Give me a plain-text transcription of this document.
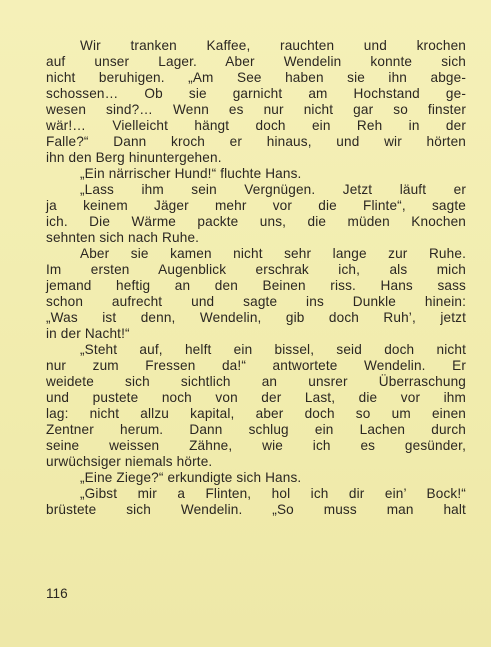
Wir tranken Kaffee, rauchten und krochen
auf unser Lager. Aber Wendelin konnte sich
nicht beruhigen. „Am See haben sie ihn abge-
schossen… Ob sie garnicht am Hochstand ge-
wesen sind?… Wenn es nur nicht gar so finster
wär!… Vielleicht hängt doch ein Reh in der
Falle?“ Dann kroch er hinaus, und wir hörten
ihn den Berg hinuntergehen.
„Ein närrischer Hund!“ fluchte Hans.
„Lass ihm sein Vergnügen. Jetzt läuft er
ja keinem Jäger mehr vor die Flinte“, sagte
ich. Die Wärme packte uns, die müden Knochen
sehnten sich nach Ruhe.
Aber sie kamen nicht sehr lange zur Ruhe.
Im ersten Augenblick erschrak ich, als mich
jemand heftig an den Beinen riss. Hans sass
schon aufrecht und sagte ins Dunkle hinein:
„Was ist denn, Wendelin, gib doch Ruh’, jetzt
in der Nacht!“
„Steht auf, helft ein bissel, seid doch nicht
nur zum Fressen da!“ antwortete Wendelin. Er
weidete sich sichtlich an unsrer Überraschung
und pustete noch von der Last, die vor ihm
lag: nicht allzu kapital, aber doch so um einen
Zentner herum. Dann schlug ein Lachen durch
seine weissen Zähne, wie ich es gesünder,
urwüchsiger niemals hörte.
„Eine Ziege?“ erkundigte sich Hans.
„Gibst mir a Flinten, hol ich dir ein’ Bock!“
brüstete sich Wendelin. „So muss man halt
116
